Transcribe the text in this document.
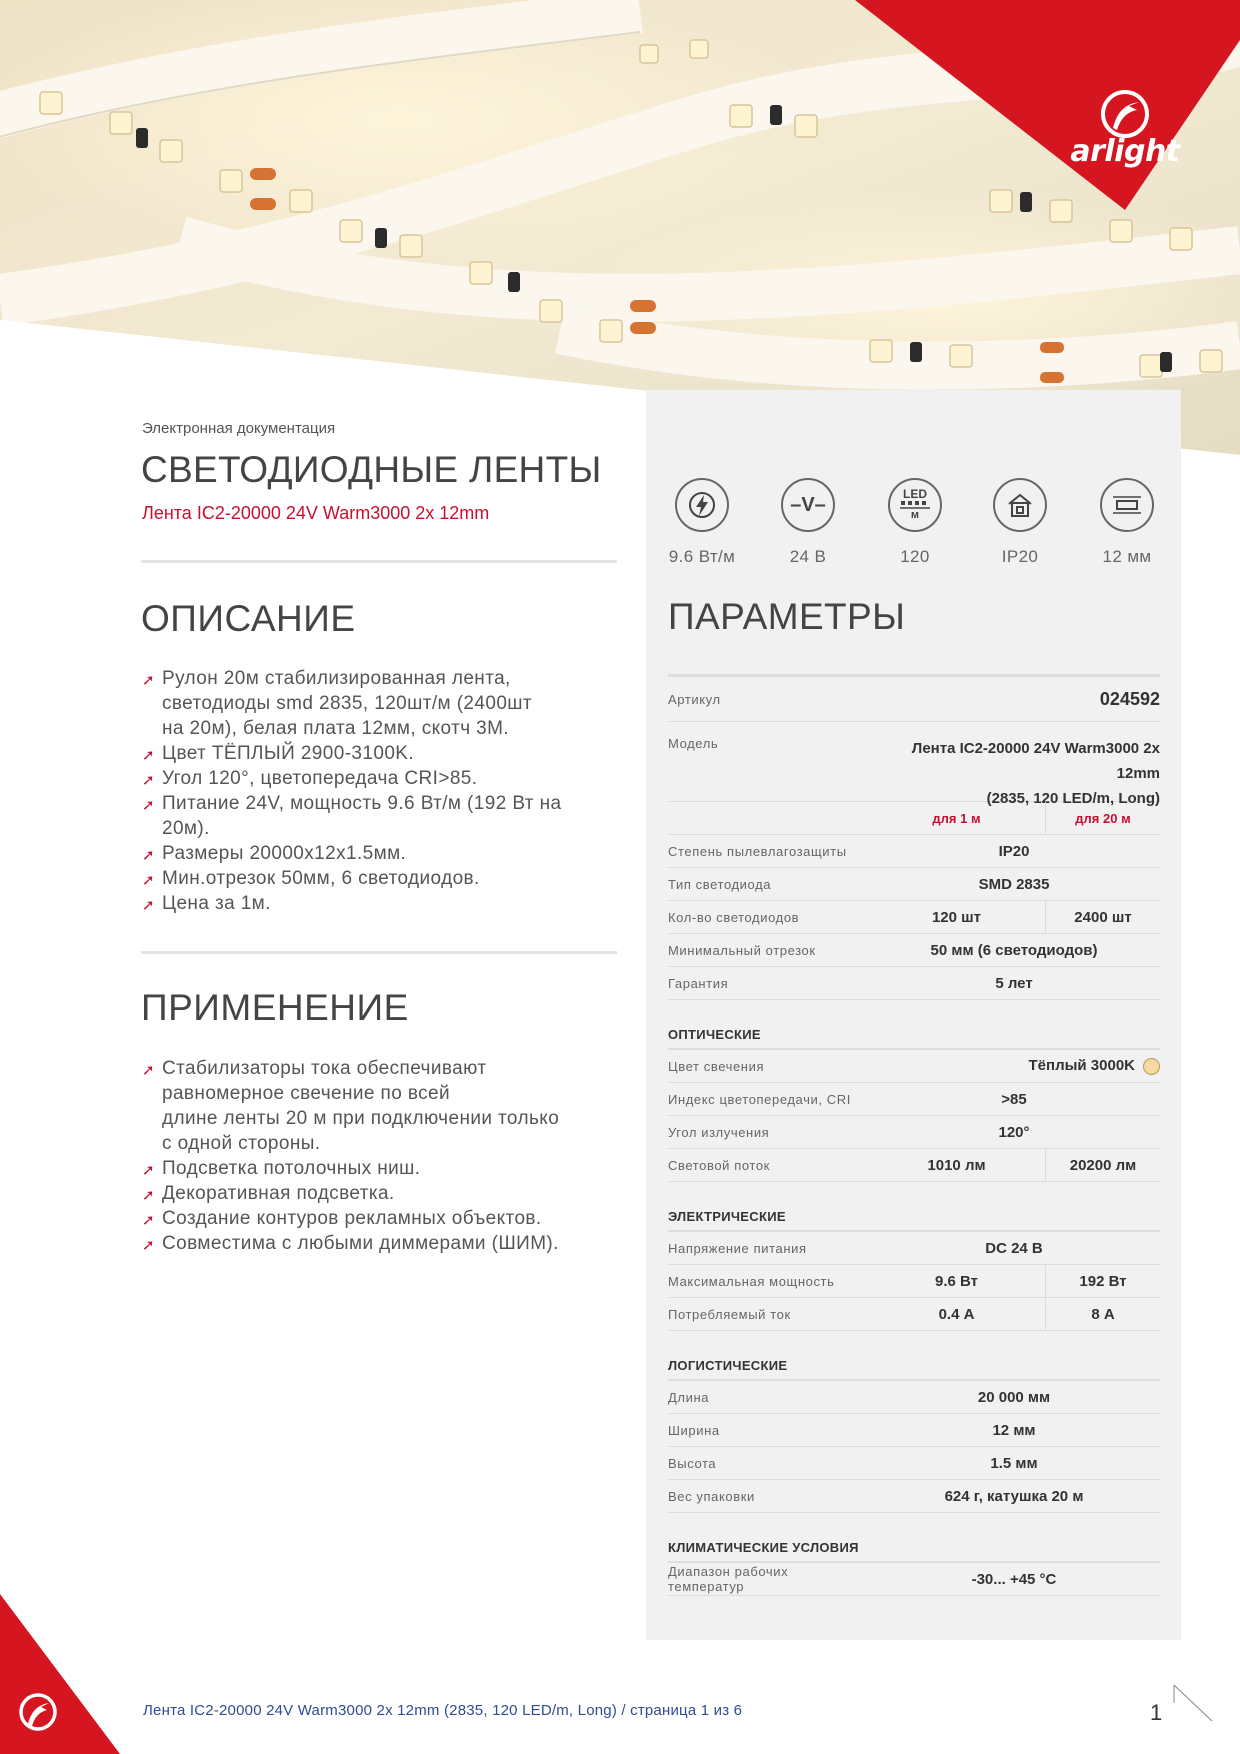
arlight
Электронная документация
СВЕТОДИОДНЫЕ ЛЕНТЫ
Лента IC2-20000 24V Warm3000 2x 12mm
ОПИСАНИЕ
➚ Рулон 20м стабилизированная лента,
светодиоды smd 2835, 120шт/м (2400шт
на 20м), белая плата 12мм, скотч 3М.
➚ Цвет ТЁПЛЫЙ 2900-3100K.
➚ Угол 120°, цветопередача CRI>85.
➚ Питание 24V, мощность 9.6 Вт/м (192 Вт на
20м).
➚ Размеры 20000x12x1.5мм.
➚ Мин.отрезок 50мм, 6 светодиодов.
➚ Цена за 1м.
ПРИМЕНЕНИЕ
➚ Стабилизаторы тока обеспечивают
равномерное свечение по всей
длине ленты 20 м при подключении только
с одной стороны.
➚ Подсветка потолочных ниш.
➚ Декоративная подсветка.
➚ Создание контуров рекламных объектов.
➚ Совместима с любыми диммерами (ШИМ).
9.6 Вт/м
–V–
24 В
LED
м
120	IP20	12 мм
ПАРАМЕТРЫ
Артикул	024592
Модель	Лента IC2-20000 24V Warm3000 2x 12mm
(2835, 120 LED/m, Long)
для 1 м	для 20 м
Степень пылевлагозащиты	IP20
Тип светодиода	SMD 2835
Кол-во светодиодов	120 шт	2400 шт
Минимальный отрезок	50 мм (6 светодиодов)
Гарантия	5 лет
ОПТИЧЕСКИЕ
Цвет свечения	Тёплый 3000K
Индекс цветопередачи, CRI	>85
Угол излучения	120°
Световой поток	1010 лм	20200 лм
ЭЛЕКТРИЧЕСКИЕ
Напряжение питания	DC 24 В
Максимальная мощность	9.6 Вт	192 Вт
Потребляемый ток	0.4 А	8 А
ЛОГИСТИЧЕСКИЕ
Длина	20 000 мм
Ширина	12 мм
Высота	1.5 мм
Вес упаковки	624 г, катушка 20 м
КЛИМАТИЧЕСКИЕ УСЛОВИЯ
Диапазон рабочих температур	-30... +45 °C
Лента IC2-20000 24V Warm3000 2x 12mm (2835, 120 LED/m, Long) / страница 1 из 6	1
